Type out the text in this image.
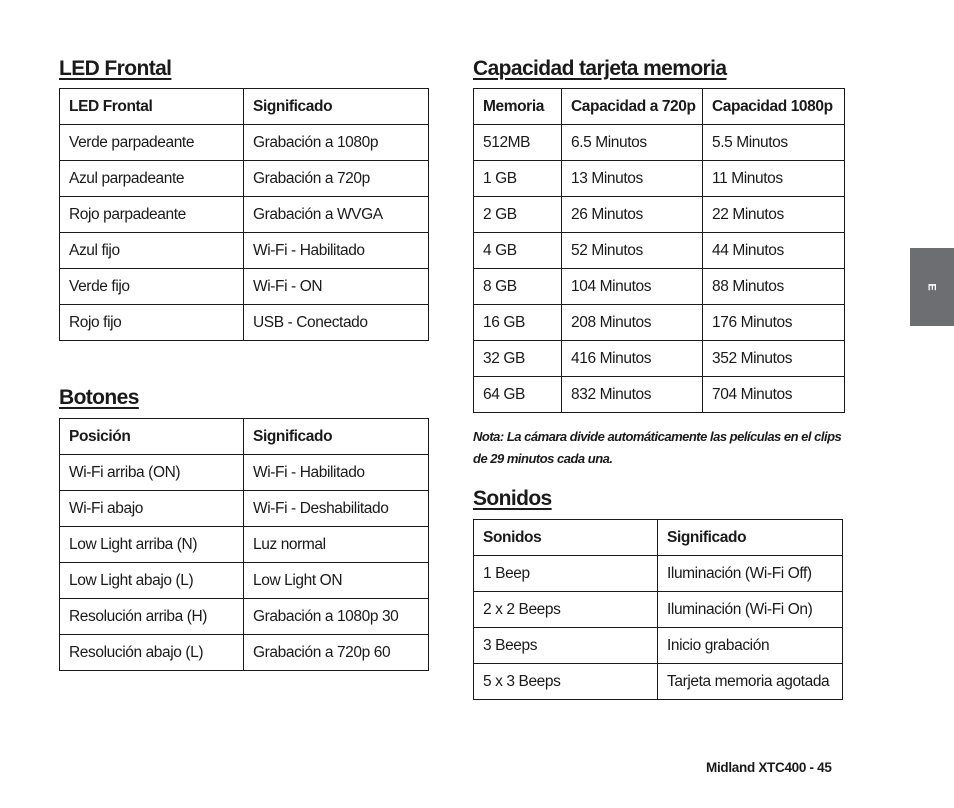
LED Frontal
LED Frontal	Significado
Verde parpadeante	Grabación a 1080p
Azul parpadeante	Grabación a 720p
Rojo parpadeante	Grabación a WVGA
Azul fijo	Wi-Fi - Habilitado
Verde fijo	Wi-Fi - ON
Rojo fijo	USB - Conectado
Botones
Posición	Significado
Wi-Fi arriba (ON)	Wi-Fi - Habilitado
Wi-Fi abajo	Wi-Fi - Deshabilitado
Low Light arriba (N)	Luz normal
Low Light abajo (L)	Low Light ON
Resolución arriba (H)	Grabación a 1080p 30
Resolución abajo (L)	Grabación a 720p 60
Capacidad tarjeta memoria
Memoria	Capacidad a 720p	Capacidad 1080p
512MB	6.5 Minutos	5.5 Minutos
1 GB	13 Minutos	11 Minutos
2 GB	26 Minutos	22 Minutos
4 GB	52 Minutos	44 Minutos
8 GB	104 Minutos	88 Minutos
16 GB	208 Minutos	176 Minutos
32 GB	416 Minutos	352 Minutos
64 GB	832 Minutos	704 Minutos
Nota: La cámara divide automáticamente las películas en el clips
de 29 minutos cada una.
Sonidos
Sonidos	Significado
1 Beep	Iluminación (Wi-Fi Off)
2 x 2 Beeps	Iluminación (Wi-Fi On)
3 Beeps	Inicio grabación
5 x 3 Beeps	Tarjeta memoria agotada
E
Midland XTC400 - 45
